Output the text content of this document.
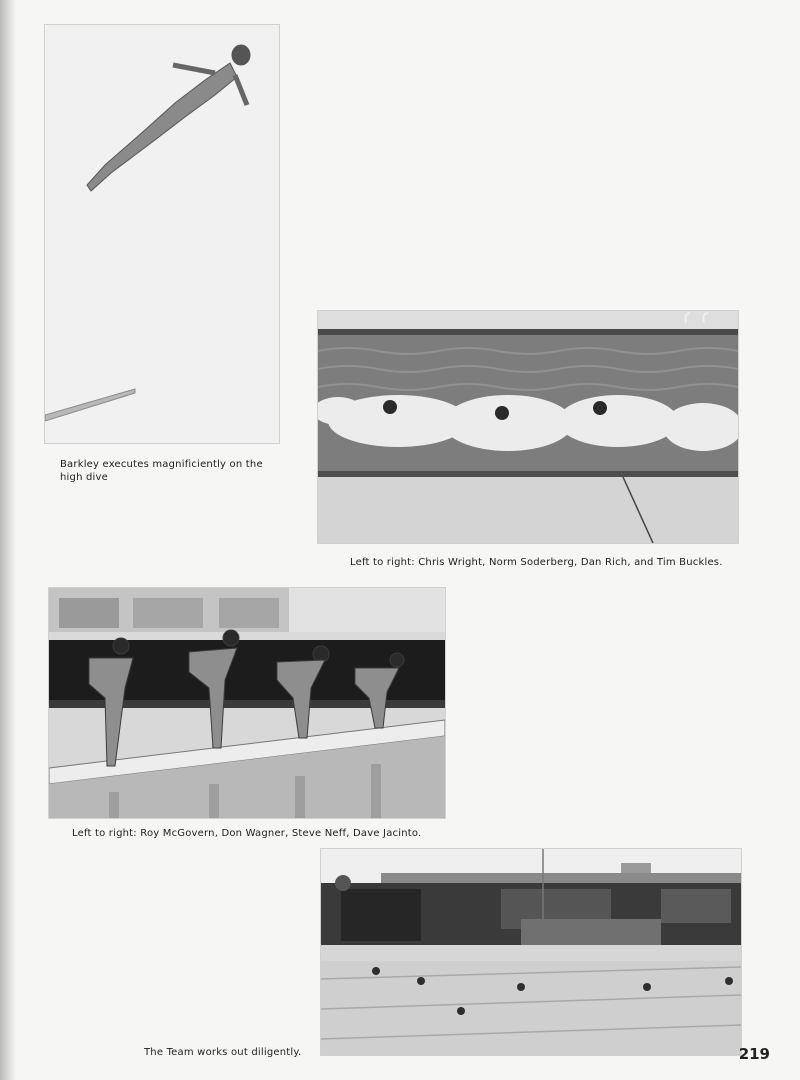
Barkley executes magnificiently on the high dive
Left to right: Chris Wright, Norm Soderberg, Dan Rich, and Tim Buckles.
Left to right: Roy McGovern, Don Wagner, Steve Neff, Dave Jacinto.
The Team works out diligently.	219
